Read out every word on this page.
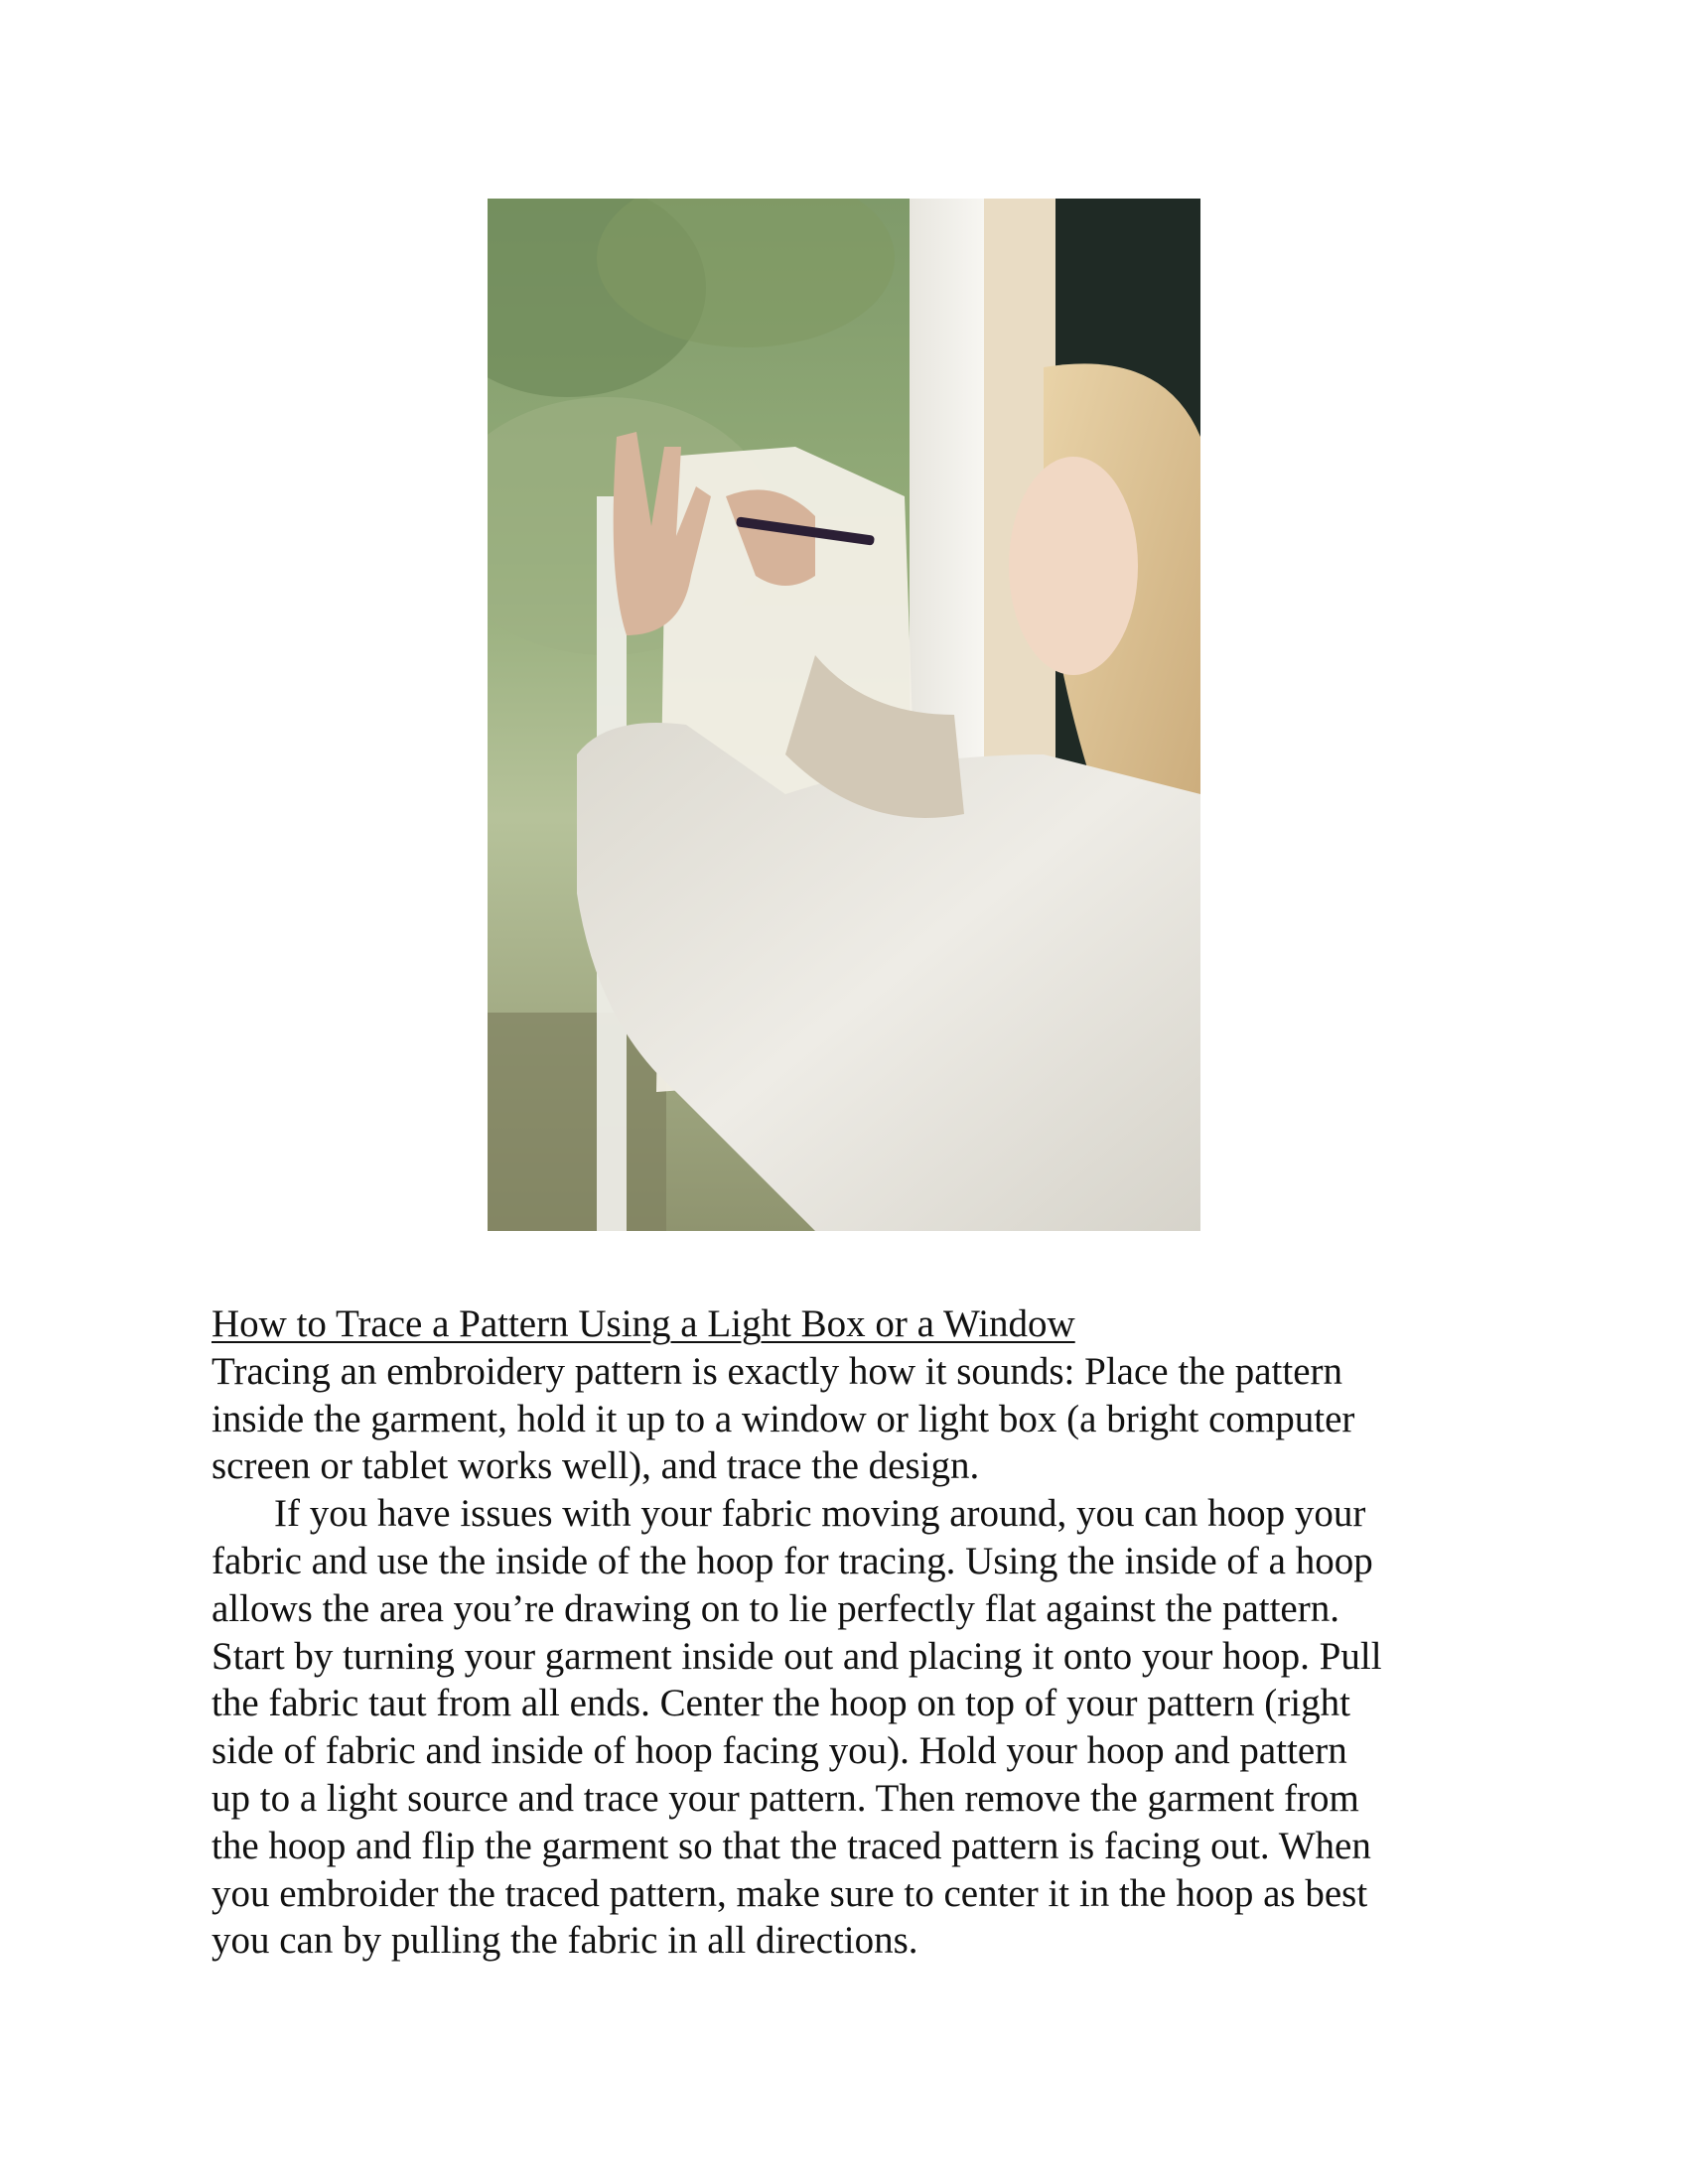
How to Trace a Pattern Using a Light Box or a Window

Tracing an embroidery pattern is exactly how it sounds: Place the pattern

inside the garment, hold it up to a window or light box (a bright computer

screen or tablet works well), and trace the design.

If you have issues with your fabric moving around, you can hoop your

fabric and use the inside of the hoop for tracing. Using the inside of a hoop

allows the area you’re drawing on to lie perfectly flat against the pattern.

Start by turning your garment inside out and placing it onto your hoop. Pull

the fabric taut from all ends. Center the hoop on top of your pattern (right

side of fabric and inside of hoop facing you). Hold your hoop and pattern

up to a light source and trace your pattern. Then remove the garment from

the hoop and flip the garment so that the traced pattern is facing out. When

you embroider the traced pattern, make sure to center it in the hoop as best

you can by pulling the fabric in all directions.
